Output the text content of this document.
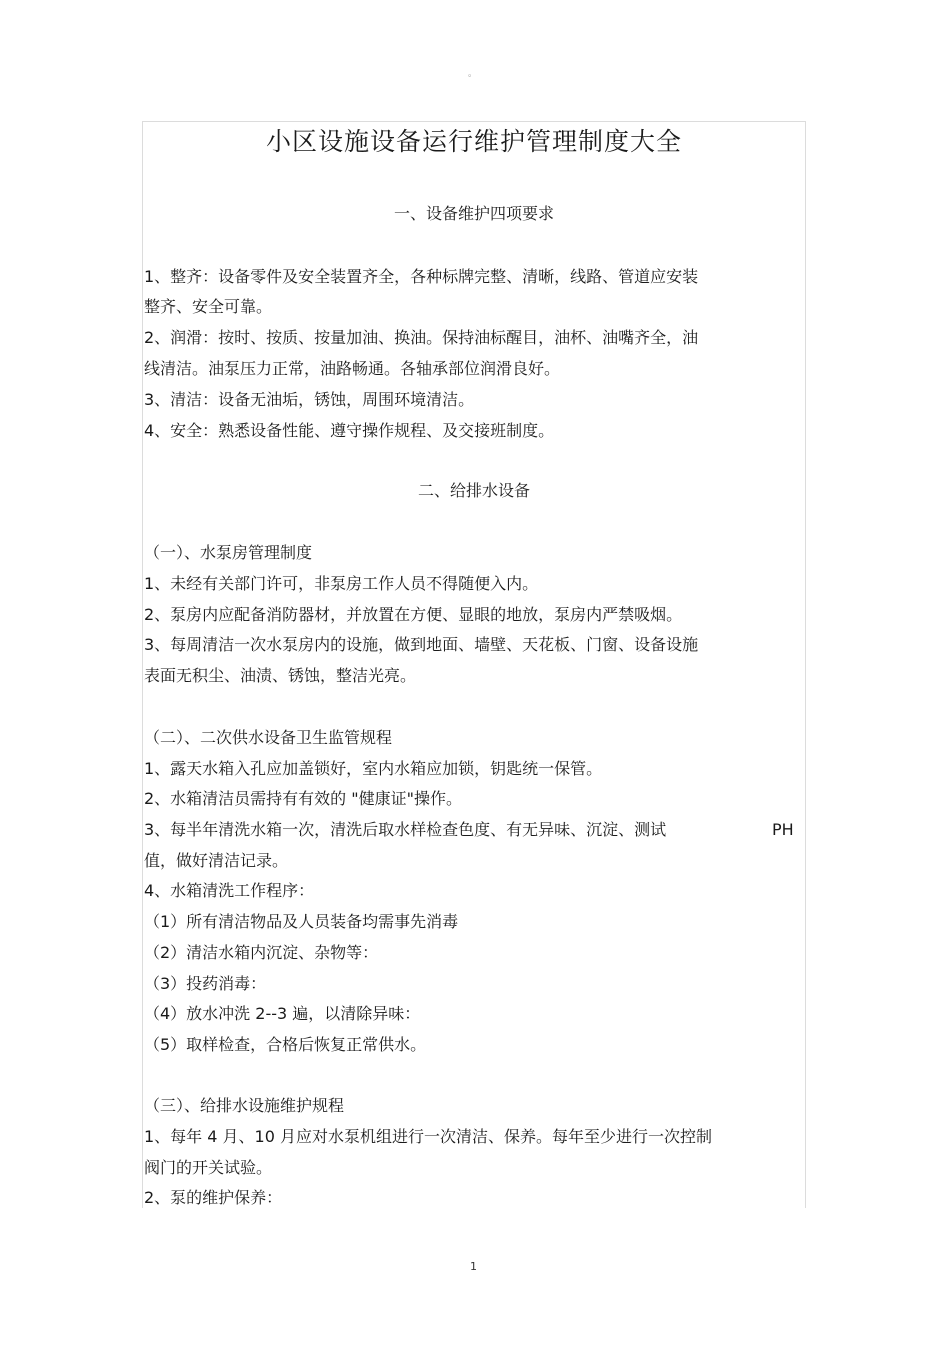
。
小区设施设备运行维护管理制度大全
一、设备维护四项要求
1、整齐：设备零件及安全装置齐全，各种标牌完整、清晰，线路、管道应安装
整齐、安全可靠。
2、润滑：按时、按质、按量加油、换油。保持油标醒目，油杯、油嘴齐全，油
线清洁。油泵压力正常，油路畅通。各轴承部位润滑良好。
3、清洁：设备无油垢，锈蚀，周围环境清洁。
4、安全：熟悉设备性能、遵守操作规程、及交接班制度。
二、给排水设备
（一）、水泵房管理制度
1、未经有关部门许可，非泵房工作人员不得随便入内。
2、泵房内应配备消防器材，并放置在方便、显眼的地放，泵房内严禁吸烟。
3、每周清洁一次水泵房内的设施，做到地面、墙壁、天花板、门窗、设备设施
表面无积尘、油渍、锈蚀，整洁光亮。
（二）、二次供水设备卫生监管规程
1、露天水箱入孔应加盖锁好，室内水箱应加锁，钥匙统一保管。
2、水箱清洁员需持有有效的 "健康证"操作。
3、每半年清洗水箱一次，清洗后取水样检查色度、有无异味、沉淀、测试	PH
值，做好清洁记录。
4、水箱清洗工作程序：
（1）所有清洁物品及人员装备均需事先消毒
（2）清洁水箱内沉淀、杂物等：
（3）投药消毒：
（4）放水冲洗 2--3 遍，以清除异味：
（5）取样检查，合格后恢复正常供水。
（三）、给排水设施维护规程
1、每年 4 月、10 月应对水泵机组进行一次清洁、保养。每年至少进行一次控制
阀门的开关试验。
2、泵的维护保养：
1
